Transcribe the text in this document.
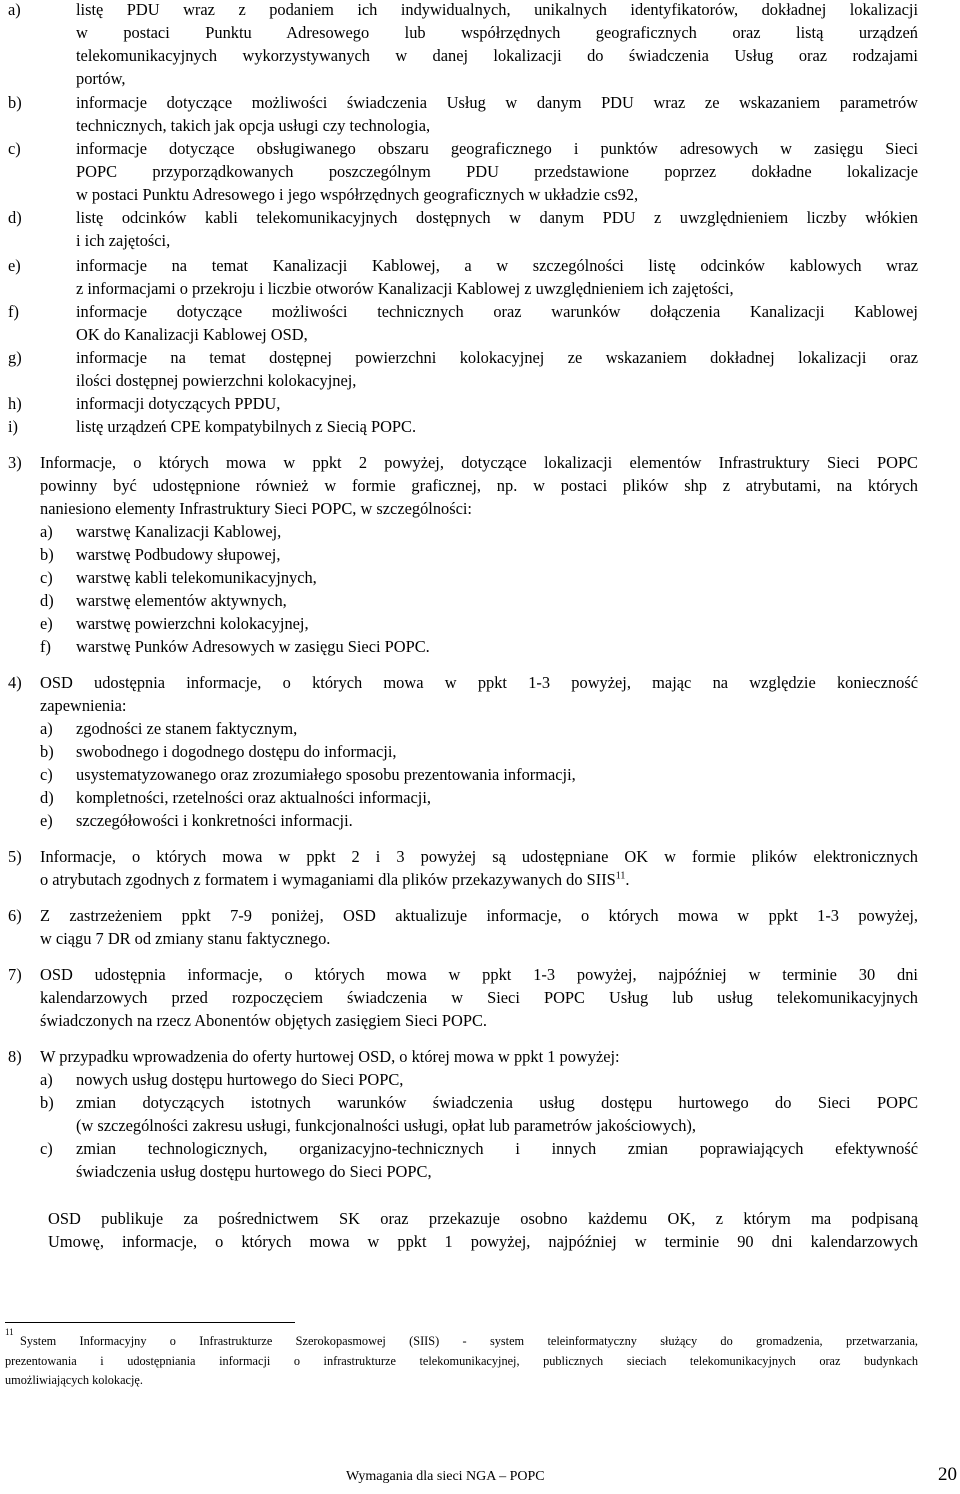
a)	listę PDU wraz z podaniem ich indywidualnych, unikalnych identyfikatorów, dokładnej lokalizacji
w postaci Punktu Adresowego lub współrzędnych geograficznych oraz listą urządzeń
telekomunikacyjnych wykorzystywanych w danej lokalizacji do świadczenia Usług oraz rodzajami
portów,
b)	informacje dotyczące możliwości świadczenia Usług w danym PDU wraz ze wskazaniem parametrów
technicznych, takich jak opcja usługi czy technologia,
c)	informacje dotyczące obsługiwanego obszaru geograficznego i punktów adresowych w zasięgu Sieci
POPC przyporządkowanych poszczególnym PDU przedstawione poprzez dokładne lokalizacje
w postaci Punktu Adresowego i jego współrzędnych geograficznych w układzie cs92,
d)	listę odcinków kabli telekomunikacyjnych dostępnych w danym PDU z uwzględnieniem liczby włókien
i ich zajętości,
e)	informacje na temat Kanalizacji Kablowej, a w szczególności listę odcinków kablowych wraz
z informacjami o przekroju i liczbie otworów Kanalizacji Kablowej z uwzględnieniem ich zajętości,
f)	informacje dotyczące możliwości technicznych oraz warunków dołączenia Kanalizacji Kablowej
OK do Kanalizacji Kablowej OSD,
g)	informacje na temat dostępnej powierzchni kolokacyjnej ze wskazaniem dokładnej lokalizacji oraz
ilości dostępnej powierzchni kolokacyjnej,
h)	informacji dotyczących PPDU,
i)	listę urządzeń CPE kompatybilnych z Siecią POPC.
3) Informacje, o których mowa w ppkt 2 powyżej, dotyczące lokalizacji elementów Infrastruktury Sieci POPC
powinny być udostępnione również w formie graficznej, np. w postaci plików shp z atrybutami, na których
naniesiono elementy Infrastruktury Sieci POPC, w szczególności:
a) warstwę Kanalizacji Kablowej,
b) warstwę Podbudowy słupowej,
c) warstwę kabli telekomunikacyjnych,
d) warstwę elementów aktywnych,
e) warstwę powierzchni kolokacyjnej,
f) warstwę Punków Adresowych w zasięgu Sieci POPC.
4) OSD udostępnia informacje, o których mowa w ppkt 1-3 powyżej, mając na względzie konieczność
zapewnienia:
a) zgodności ze stanem faktycznym,
b) swobodnego i dogodnego dostępu do informacji,
c) usystematyzowanego oraz zrozumiałego sposobu prezentowania informacji,
d) kompletności, rzetelności oraz aktualności informacji,
e) szczegółowości i konkretności informacji.
5) Informacje, o których mowa w ppkt 2 i 3 powyżej są udostępniane OK w formie plików elektronicznych
o atrybutach zgodnych z formatem i wymaganiami dla plików przekazywanych do SIIS$^{11}$.
6) Z zastrzeżeniem ppkt 7-9 poniżej, OSD aktualizuje informacje, o których mowa w ppkt 1-3 powyżej,
w ciągu 7 DR od zmiany stanu faktycznego.
7) OSD udostępnia informacje, o których mowa w ppkt 1-3 powyżej, najpóźniej w terminie 30 dni
kalendarzowych przed rozpoczęciem świadczenia w Sieci POPC Usług lub usług telekomunikacyjnych
świadczonych na rzecz Abonentów objętych zasięgiem Sieci POPC.
8) W przypadku wprowadzenia do oferty hurtowej OSD, o której mowa w ppkt 1 powyżej:
a) nowych usług dostępu hurtowego do Sieci POPC,
b) zmian dotyczących istotnych warunków świadczenia usług dostępu hurtowego do Sieci POPC
(w szczególności zakresu usługi, funkcjonalności usługi, opłat lub parametrów jakościowych),
c) zmian technologicznych, organizacyjno-technicznych i innych zmian poprawiających efektywność
świadczenia usług dostępu hurtowego do Sieci POPC,
OSD publikuje za pośrednictwem SK oraz przekazuje osobno każdemu OK, z którym ma podpisaną
Umowę, informacje, o których mowa w ppkt 1 powyżej, najpóźniej w terminie 90 dni kalendarzowych
11
System Informacyjny o Infrastrukturze Szerokopasmowej (SIIS) - system teleinformatyczny służący do gromadzenia, przetwarzania,
prezentowania i udostępniania informacji o infrastrukturze telekomunikacyjnej, publicznych sieciach telekomunikacyjnych oraz budynkach
umożliwiających kolokację.
Wymagania dla sieci NGA – POPC	20
